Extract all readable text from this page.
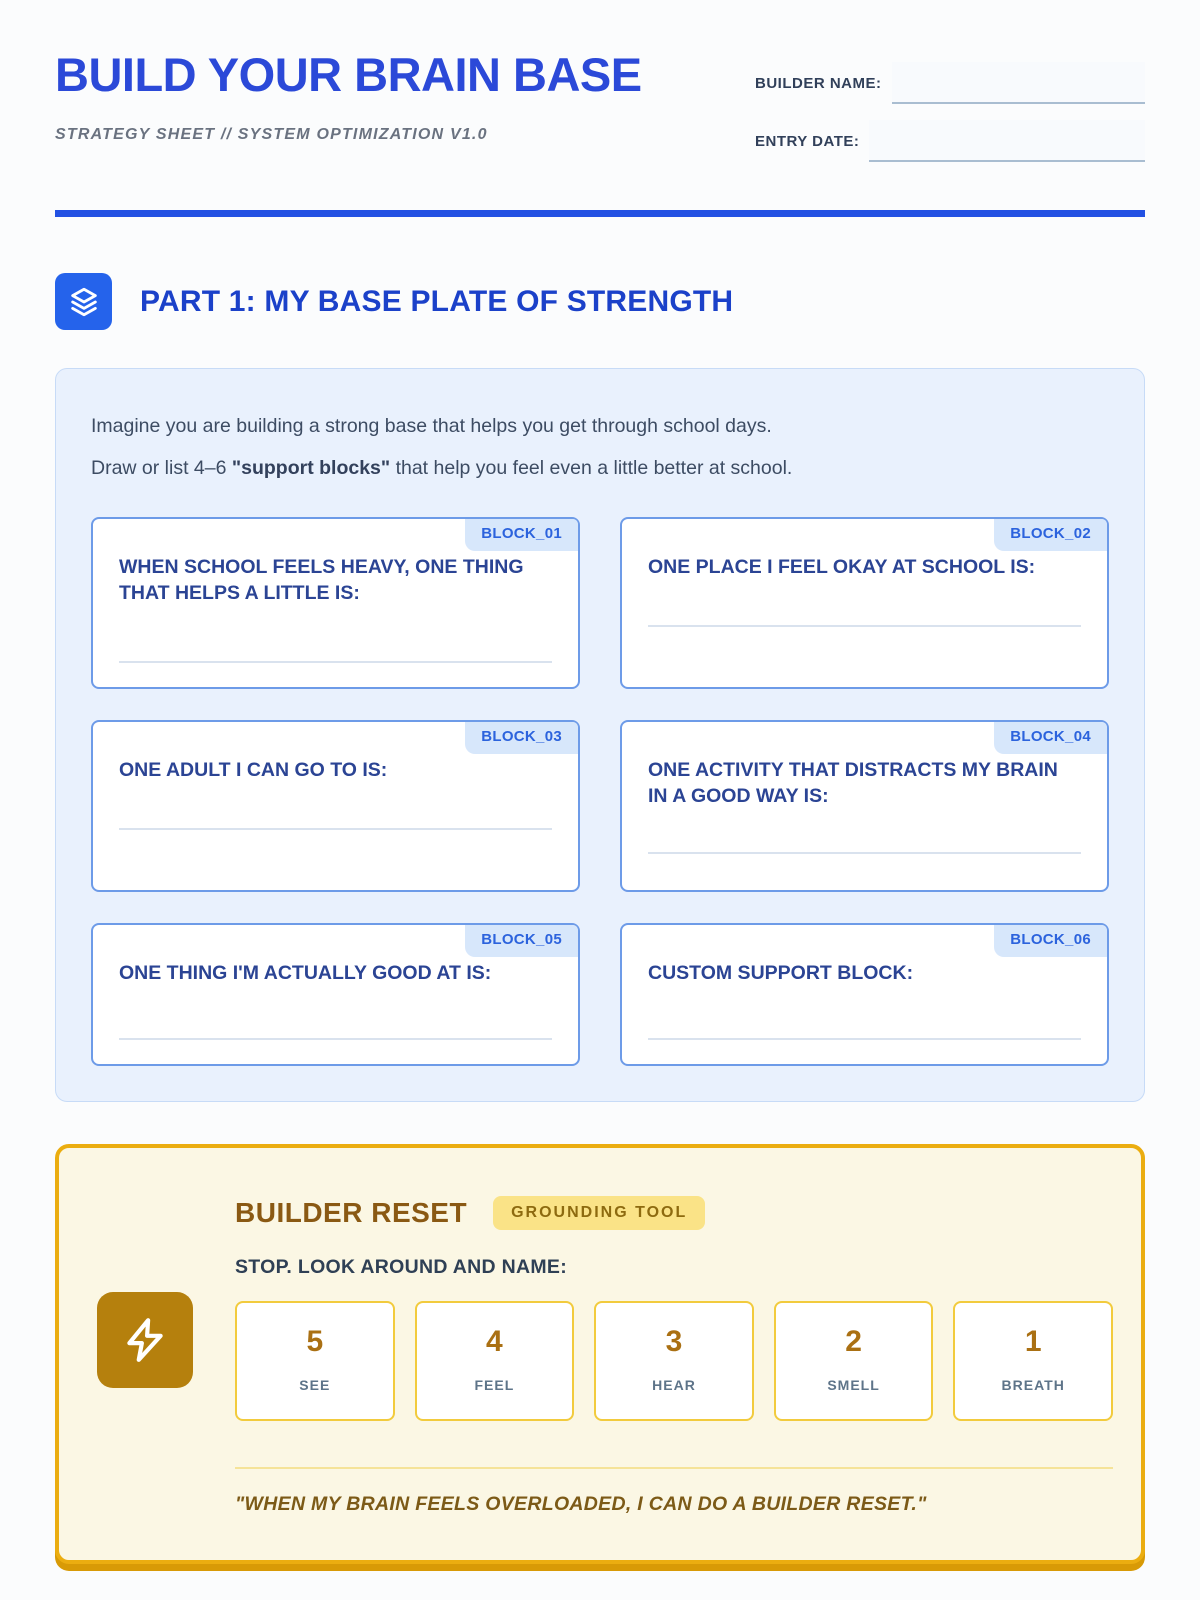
BUILD YOUR BRAIN BASE
STRATEGY SHEET // SYSTEM OPTIMIZATION V1.0
BUILDER NAME:
ENTRY DATE:
PART 1: MY BASE PLATE OF STRENGTH

Imagine you are building a strong base that helps you get through school days.

Draw or list 4–6 "support blocks" that help you feel even a little better at school.

BLOCK_01
WHEN SCHOOL FEELS HEAVY, ONE THING THAT HELPS A LITTLE IS:
BLOCK_02
ONE PLACE I FEEL OKAY AT SCHOOL IS:
BLOCK_03
ONE ADULT I CAN GO TO IS:
BLOCK_04
ONE ACTIVITY THAT DISTRACTS MY BRAIN IN A GOOD WAY IS:
BLOCK_05
ONE THING I'M ACTUALLY GOOD AT IS:
BLOCK_06
CUSTOM SUPPORT BLOCK:
BUILDER RESET	GROUNDING TOOL
STOP. LOOK AROUND AND NAME:
5
SEE
4
FEEL
3
HEAR
2
SMELL
1
BREATH
"WHEN MY BRAIN FEELS OVERLOADED, I CAN DO A BUILDER RESET."
